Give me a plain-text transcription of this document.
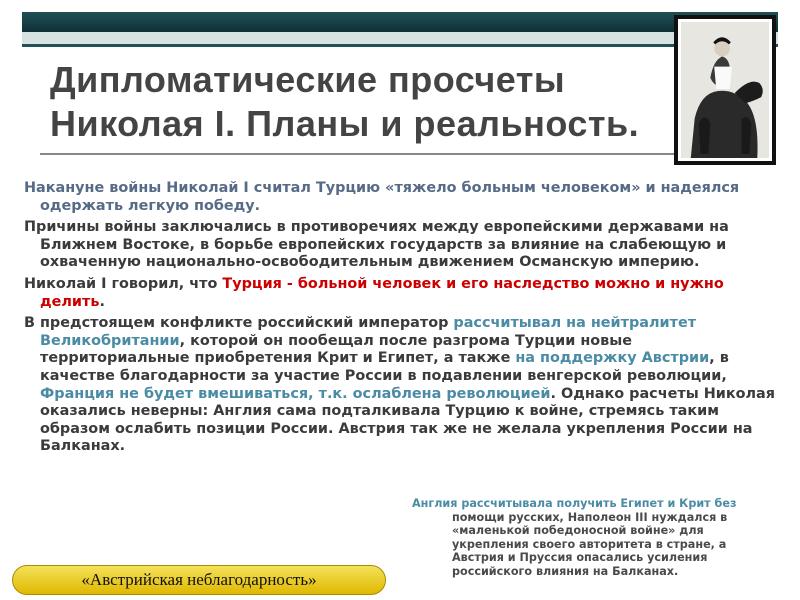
Дипломатические просчеты
Николая I. Планы и реальность.
Накануне войны Николай I считал Турцию «тяжело больным человеком» и надеялся одержать легкую победу.
Причины войны заключались в противоречиях между европейскими державами на Ближнем Востоке, в борьбе европейских государств за влияние на слабеющую и охваченную национально-освободительным движением Османскую империю.
Николай I говорил, что Турция - больной человек и его наследство можно и нужно делить.
В предстоящем конфликте российский император рассчитывал на нейтралитет Великобритании, которой он пообещал после разгрома Турции новые территориальные приобретения Крит и Египет, а также на поддержку Австрии, в качестве благодарности за участие России в подавлении венгерской революции, Франция не будет вмешиваться, т.к. ослаблена революцией. Однако расчеты Николая оказались неверны: Англия сама подталкивала Турцию к войне, стремясь таким образом ослабить позиции России. Австрия так же не желала укрепления России на Балканах.
Англия рассчитывала получить Египет и Крит без
помощи русских, Наполеон III нуждался в «маленькой победоносной войне» для укрепления своего авторитета в стране, а Австрия и Пруссия опасались усиления российского влияния на Балканах.
«Австрийская неблагодарность»
